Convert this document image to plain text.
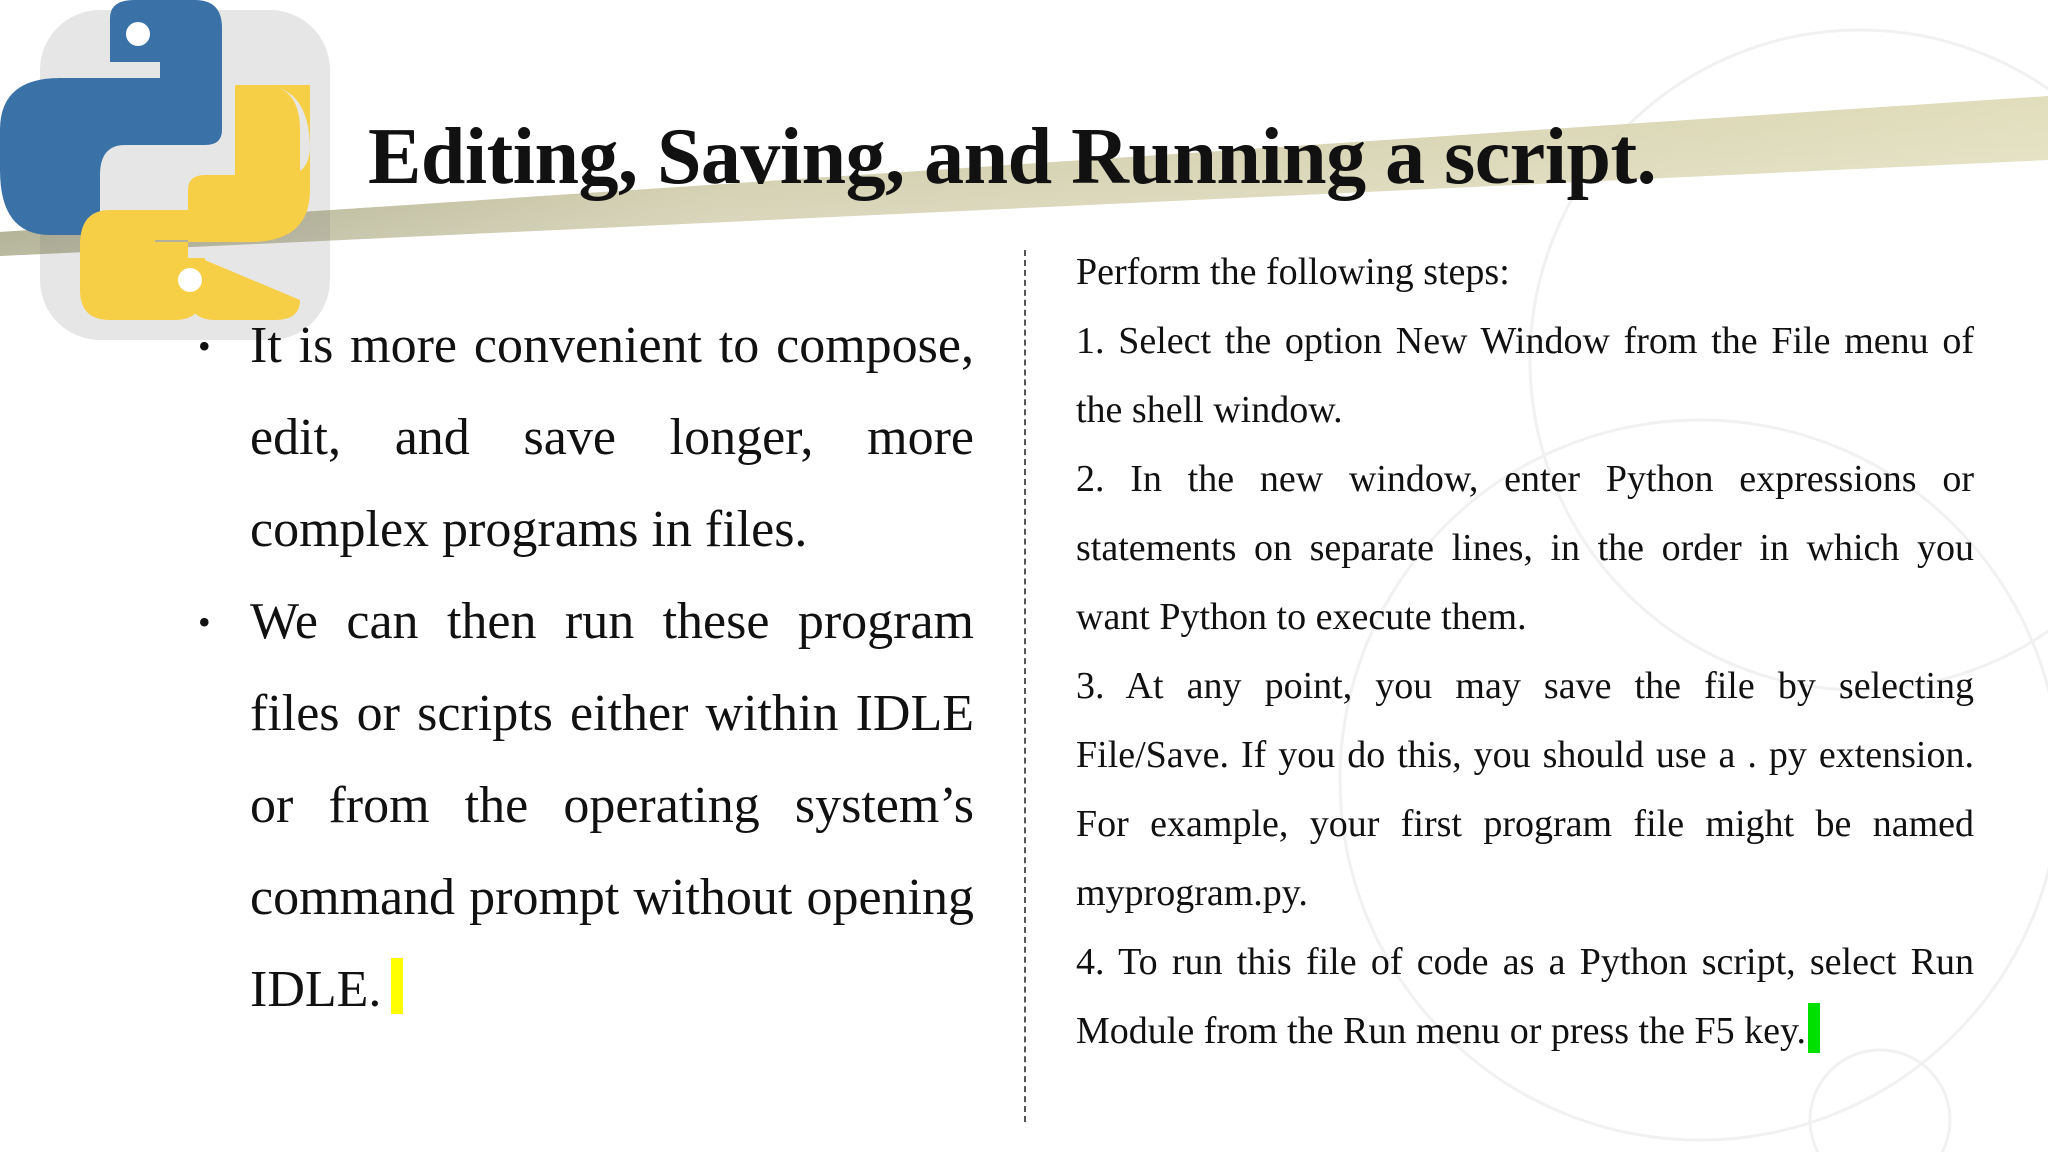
Editing, Saving, and Running a script.
• It is more convenient to compose, edit, and save longer, more complex programs in files.
• We can then run these program files or scripts either within IDLE or from the operating system’s command prompt without opening IDLE.

Perform the following steps:

1. Select the option New Window from the File menu of the shell window.

2. In the new window, enter Python expressions or statements on separate lines, in the order in which you want Python to execute them.

3. At any point, you may save the file by selecting File/Save. If you do this, you should use a . py extension. For example, your first program file might be named myprogram.py.

4. To run this file of code as a Python script, select Run Module from the Run menu or press the F5 key.
